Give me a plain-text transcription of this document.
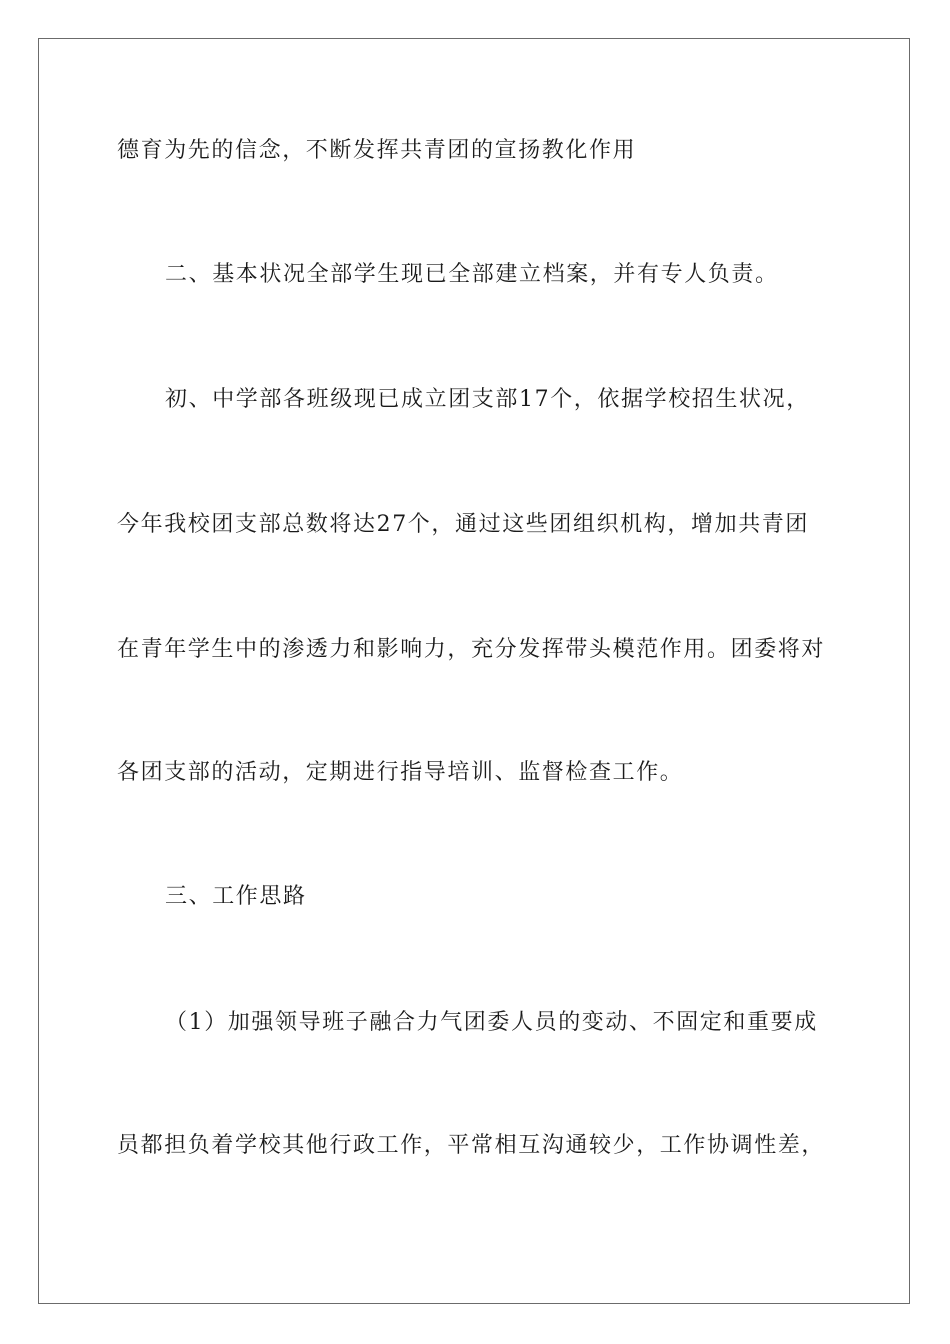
德育为先的信念，不断发挥共青团的宣扬教化作用
二、基本状况全部学生现已全部建立档案，并有专人负责。
初、中学部各班级现已成立团支部17个，依据学校招生状况，
今年我校团支部总数将达27个，通过这些团组织机构，增加共青团
在青年学生中的渗透力和影响力，充分发挥带头模范作用。团委将对
各团支部的活动，定期进行指导培训、监督检查工作。
三、工作思路
（1）加强领导班子融合力气团委人员的变动、不固定和重要成
员都担负着学校其他行政工作，平常相互沟通较少，工作协调性差，
